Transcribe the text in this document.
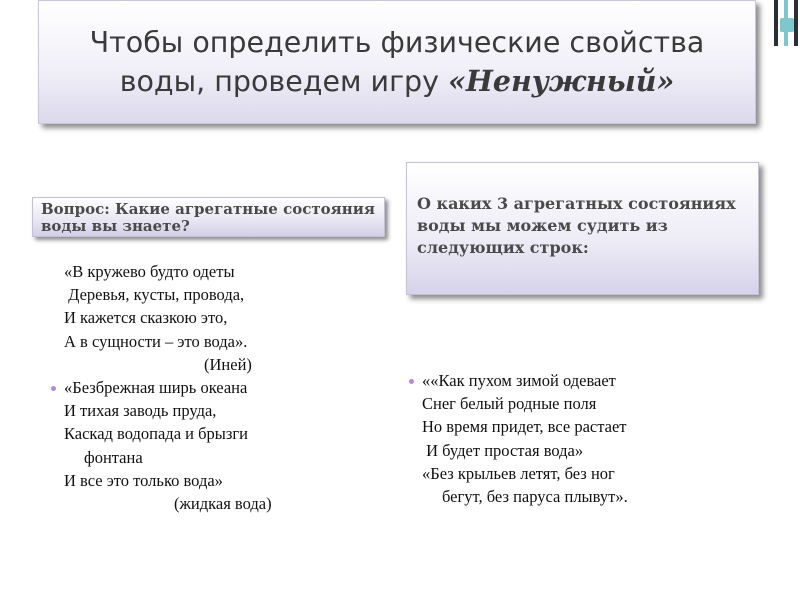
Чтобы определить физические свойства воды, проведем игру «Ненужный»
Вопрос: Какие агрегатные состояния воды вы знаете?
О каких 3 агрегатных состояниях воды мы можем судить из следующих строк:
«В кружево будто одеты
Деревья, кусты, провода,
И кажется сказкою это,
А в сущности – это вода».
(Иней)
«Безбрежная ширь океана
И тихая заводь пруда,
Каскад водопада и брызги
фонтана
И все это только вода»
(жидкая вода)
««Как пухом зимой одевает
Снег белый родные поля
Но время придет, все растает
И будет простая вода»
«Без крыльев летят, без ног
бегут, без паруса плывут».
